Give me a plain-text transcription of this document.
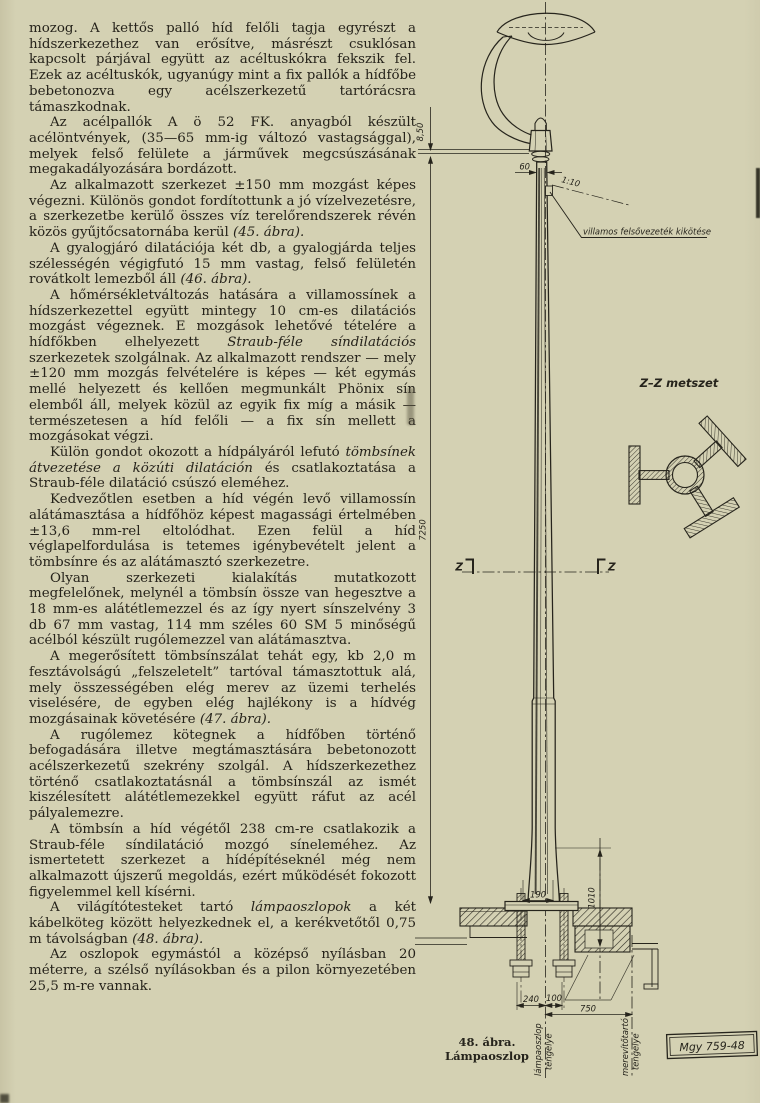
mozog. A kettős palló híd felőli tagja egyrészt a hídszerkezethez van erősítve, másrészt csuklósan kapcsolt párjával együtt az acéltuskókra fekszik fel. Ezek az acéltuskók, ugyanúgy mint a fix pallók a hídfőbe bebetonozva egy acélszerkezetű tartórácsra támaszkodnak.

Az acélpallók A ö 52 FK. anyagból készült acélöntvények, (35—65 mm-ig változó vastagsággal), melyek felső felülete a járművek megcsúszásának megakadályozására bordázott.

Az alkalmazott szerkezet ±150 mm mozgást képes végezni. Különös gondot fordítottunk a jó vízelvezetésre, a szerkezetbe kerülő összes víz terelőrendszerek révén közös gyűjtőcsatornába kerül (45. ábra).

A gyalogjáró dilatációja két db, a gyalogjárda teljes szélességén végigfutó 15 mm vastag, felső felületén rovátkolt lemezből áll (46. ábra).

A hőmérsékletváltozás hatására a villamossínek a hídszerkezettel együtt mintegy 10 cm-es dilatációs mozgást végeznek. E mozgások lehetővé tételére a hídfőkben elhelyezett Straub-féle síndilatációs szerkezetek szolgálnak. Az alkalmazott rendszer — mely ±120 mm mozgás felvételére is képes — két egymás mellé helyezett és kellően megmunkált Phönix sín elemből áll, melyek közül az egyik fix míg a másik — természetesen a híd felőli — a fix sín mellett a mozgásokat végzi.

Külön gondot okozott a hídpályáról lefutó tömbsínek átvezetése a közúti dilatáción és csatlakoztatása a Straub-féle dilatáció csúszó eleméhez.

Kedvezőtlen esetben a híd végén levő villamossín alátámasztása a hídfőhöz képest magassági értelmében ±13,6 mm-rel eltolódhat. Ezen felül a híd véglapelfordulása is tetemes igénybevételt jelent a tömbsínre és az alátámasztó szerkezetre.

Olyan szerkezeti kialakítás mutatkozott megfelelőnek, melynél a tömbsín össze van hegesztve a 18 mm-es alátétlemezzel és az így nyert sínszelvény 3 db 67 mm vastag, 114 mm széles 60 SM 5 minőségű acélból készült rugólemezzel van alátámasztva.

A megerősített tömbsínszálat tehát egy, kb 2,0 m fesztávolságú „felszeletelt” tartóval támasztottuk alá, mely összességében elég merev az üzemi terhelés viselésére, de egyben elég hajlékony is a hídvég mozgásainak követésére (47. ábra).

A rugólemez kötegnek a hídfőben történő befogadására illetve megtámasztására bebetonozott acélszerkezetű szekrény szolgál. A hídszerkezethez történő csatlakoztatásnál a tömbsínszál az ismét kiszélesített alátétlemezekkel együtt ráfut az acél pályalemezre.

A tömbsín a híd végétől 238 cm-re csatlakozik a Straub-féle síndilatáció mozgó síneleméhez. Az ismertetett szerkezet a hídépítéseknél még nem alkalmazott újszerű megoldás, ezért működését fokozott figyelemmel kell kísérni.

A világítótesteket tartó lámpaoszlopok a két kábelköteg között helyezkednek el, a kerékvetőtől 0,75 m távolságban (48. ábra).

Az oszlopok egymástól a középső nyílásban 20 méterre, a szélső nyílásokban és a pilon környezetében 25,5 m-re vannak.

8,50
7250
60
1:10
villamos felsővezeték kikötése
Z	Z
Z–Z metszet
190	1010
240 100
750
lámpaoszlop tengelye	merevítőtartó tengelye
48. ábra.
Lámpaoszlop
Mgy 759-48
